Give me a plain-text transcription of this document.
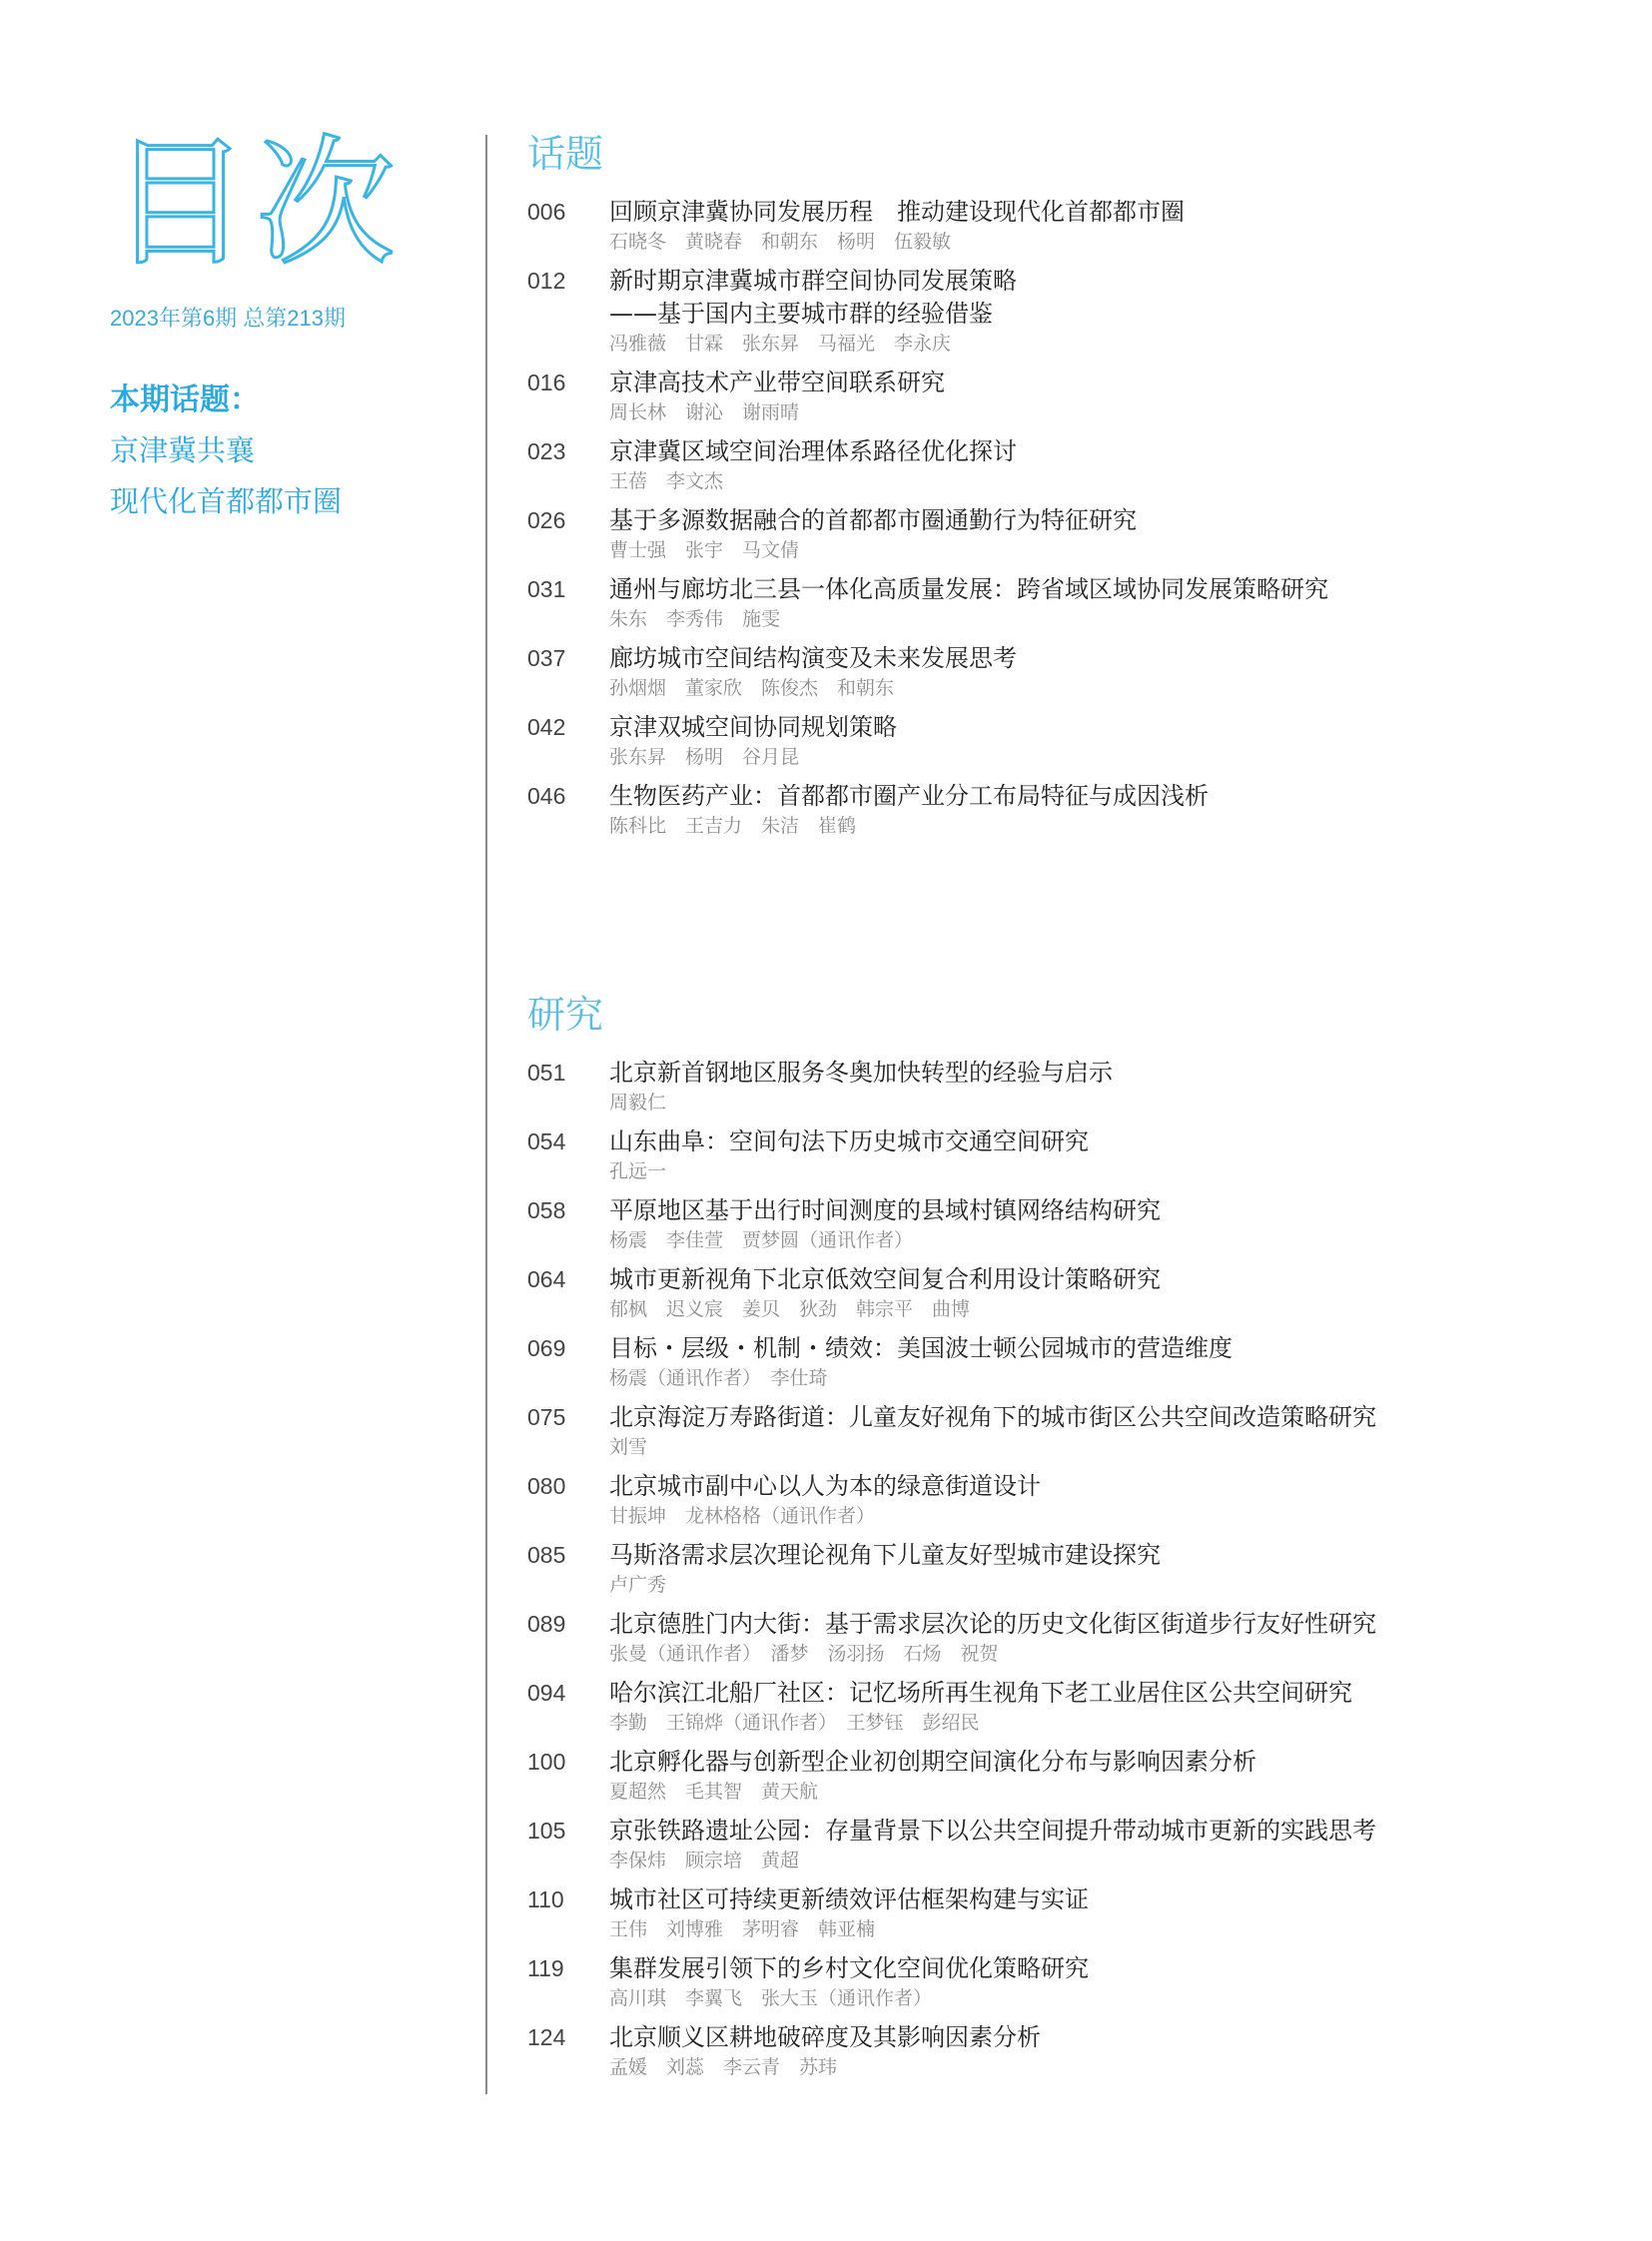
目次
2023年第6期 总第213期
本期话题：
京津冀共襄
现代化首都都市圈
话题
006 回顾京津冀协同发展历程　推动建设现代化首都都市圈
石晓冬　黄晓春　和朝东　杨明　伍毅敏
012 新时期京津冀城市群空间协同发展策略
——基于国内主要城市群的经验借鉴
冯雅薇　甘霖　张东昇　马福光　李永庆
016 京津高技术产业带空间联系研究
周长林　谢沁　谢雨晴
023 京津冀区域空间治理体系路径优化探讨
王蓓　李文杰
026 基于多源数据融合的首都都市圈通勤行为特征研究
曹士强　张宇　马文倩
031 通州与廊坊北三县一体化高质量发展：跨省域区域协同发展策略研究
朱东　李秀伟　施雯
037 廊坊城市空间结构演变及未来发展思考
孙烟烟　董家欣　陈俊杰　和朝东
042 京津双城空间协同规划策略
张东昇　杨明　谷月昆
046 生物医药产业：首都都市圈产业分工布局特征与成因浅析
陈科比　王吉力　朱洁　崔鹤
研究
051 北京新首钢地区服务冬奥加快转型的经验与启示
周毅仁
054 山东曲阜：空间句法下历史城市交通空间研究
孔远一
058 平原地区基于出行时间测度的县域村镇网络结构研究
杨震　李佳萱　贾梦圆（通讯作者）
064 城市更新视角下北京低效空间复合利用设计策略研究
郁枫　迟义宸　姜贝　狄劲　韩宗平　曲博
069 目标・层级・机制・绩效：美国波士顿公园城市的营造维度
杨震（通讯作者）　李仕琦
075 北京海淀万寿路街道：儿童友好视角下的城市街区公共空间改造策略研究
刘雪
080 北京城市副中心以人为本的绿意街道设计
甘振坤　龙林格格（通讯作者）
085 马斯洛需求层次理论视角下儿童友好型城市建设探究
卢广秀
089 北京德胜门内大街：基于需求层次论的历史文化街区街道步行友好性研究
张曼（通讯作者）　潘梦　汤羽扬　石炀　祝贺
094 哈尔滨江北船厂社区：记忆场所再生视角下老工业居住区公共空间研究
李勤　王锦烨（通讯作者）　王梦钰　彭绍民
100 北京孵化器与创新型企业初创期空间演化分布与影响因素分析
夏超然　毛其智　黄天航
105 京张铁路遗址公园：存量背景下以公共空间提升带动城市更新的实践思考
李保炜　顾宗培　黄超
110 城市社区可持续更新绩效评估框架构建与实证
王伟　刘博雅　茅明睿　韩亚楠
119 集群发展引领下的乡村文化空间优化策略研究
高川琪　李翼飞　张大玉（通讯作者）
124 北京顺义区耕地破碎度及其影响因素分析
孟媛　刘蕊　李云青　苏玮
